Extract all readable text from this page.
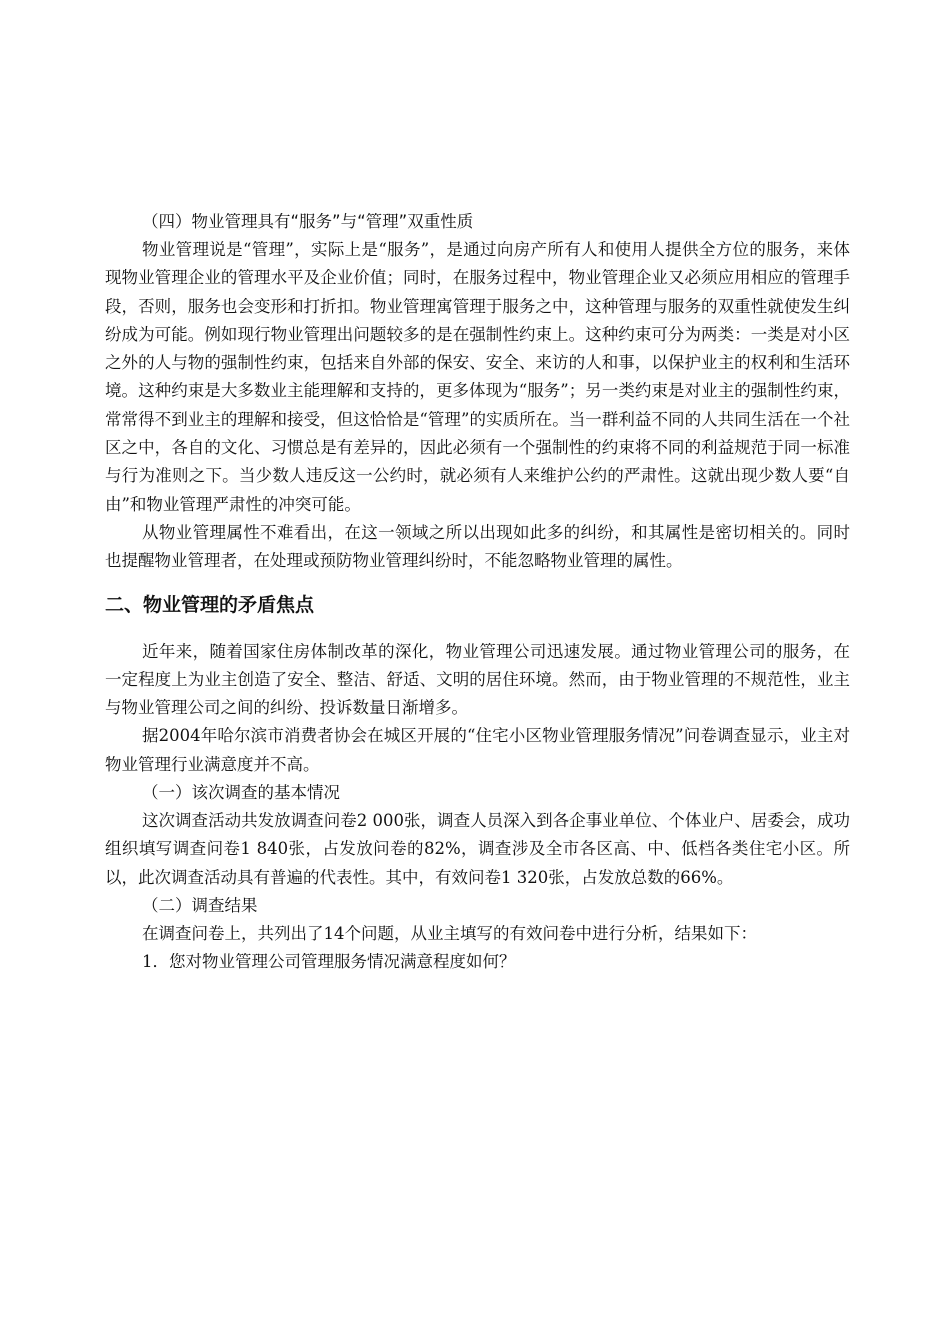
（四）物业管理具有“服务”与“管理”双重性质

物业管理说是“管理”，实际上是“服务”，是通过向房产所有人和使用人提供全方位的服务，来体现物业管理企业的管理水平及企业价值；同时，在服务过程中，物业管理企业又必须应用相应的管理手段，否则，服务也会变形和打折扣。物业管理寓管理于服务之中，这种管理与服务的双重性就使发生纠纷成为可能。例如现行物业管理出问题较多的是在强制性约束上。这种约束可分为两类：一类是对小区之外的人与物的强制性约束，包括来自外部的保安、安全、来访的人和事，以保护业主的权利和生活环境。这种约束是大多数业主能理解和支持的，更多体现为“服务”；另一类约束是对业主的强制性约束，常常得不到业主的理解和接受，但这恰恰是“管理”的实质所在。当一群利益不同的人共同生活在一个社区之中，各自的文化、习惯总是有差异的，因此必须有一个强制性的约束将不同的利益规范于同一标准与行为准则之下。当少数人违反这一公约时，就必须有人来维护公约的严肃性。这就出现少数人要“自由”和物业管理严肃性的冲突可能。

从物业管理属性不难看出，在这一领域之所以出现如此多的纠纷，和其属性是密切相关的。同时也提醒物业管理者，在处理或预防物业管理纠纷时，不能忽略物业管理的属性。

二、物业管理的矛盾焦点

近年来，随着国家住房体制改革的深化，物业管理公司迅速发展。通过物业管理公司的服务，在一定程度上为业主创造了安全、整洁、舒适、文明的居住环境。然而，由于物业管理的不规范性，业主与物业管理公司之间的纠纷、投诉数量日渐增多。

据2004年哈尔滨市消费者协会在城区开展的“住宅小区物业管理服务情况”问卷调查显示，业主对物业管理行业满意度并不高。

（一）该次调查的基本情况

这次调查活动共发放调查问卷2 000张，调查人员深入到各企事业单位、个体业户、居委会，成功组织填写调查问卷1 840张，占发放问卷的82%，调查涉及全市各区高、中、低档各类住宅小区。所以，此次调查活动具有普遍的代表性。其中，有效问卷1 320张，占发放总数的66%。

（二）调查结果

在调查问卷上，共列出了14个问题，从业主填写的有效问卷中进行分析，结果如下：

1．您对物业管理公司管理服务情况满意程度如何？
